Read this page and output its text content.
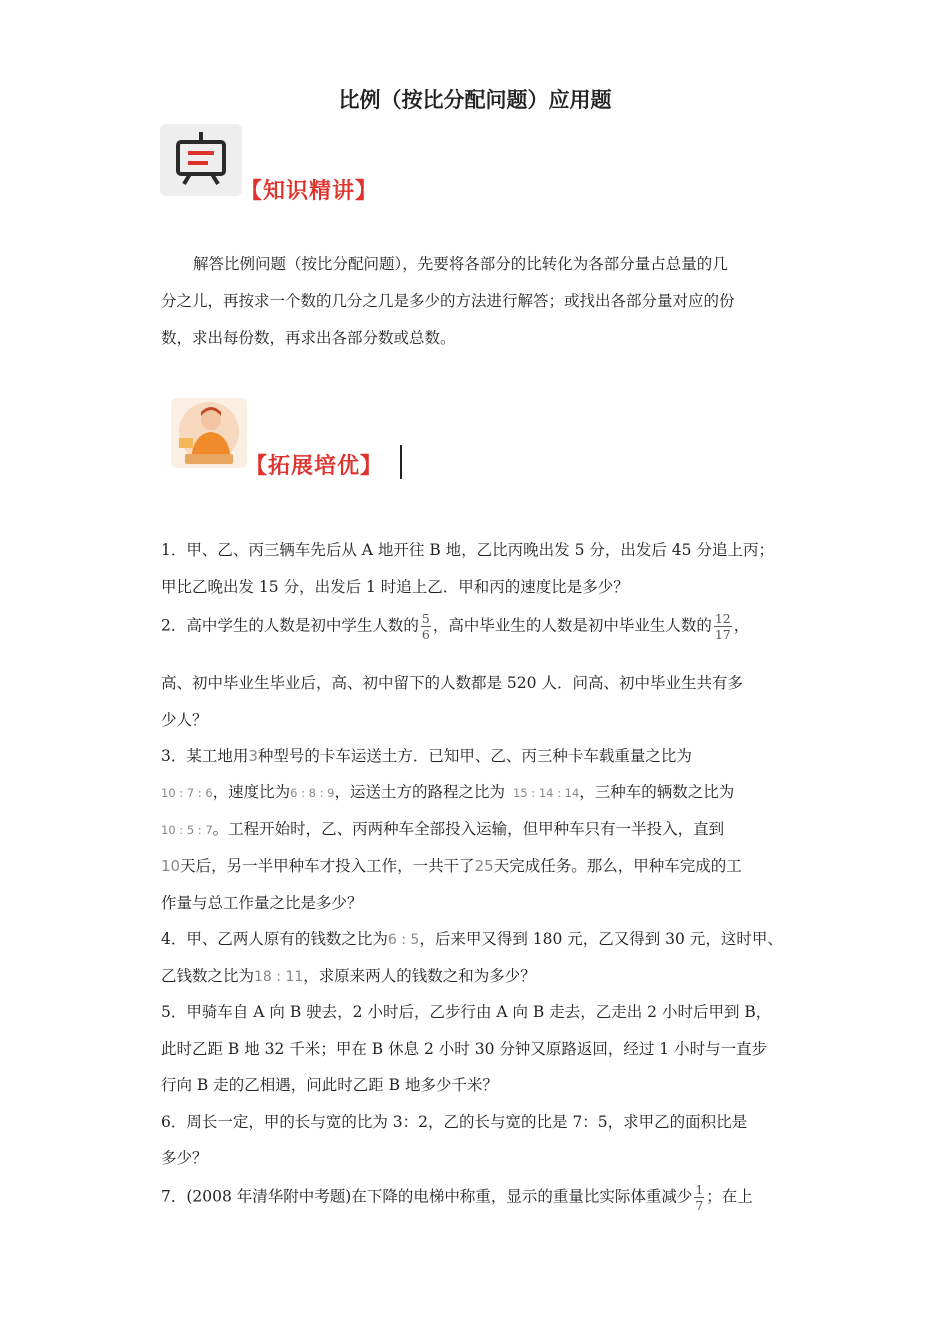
比例（按比分配问题）应用题
【知识精讲】
解答比例问题（按比分配问题），先要将各部分的比转化为各部分量占总量的几
分之儿，再按求一个数的几分之几是多少的方法进行解答；或找出各部分量对应的份
数，求出每份数，再求出各部分数或总数。
【拓展培优】
1．甲、乙、丙三辆车先后从 A 地开往 B 地，乙比丙晚出发 5 分，出发后 45 分追上丙；
甲比乙晚出发 15 分，出发后 1 时追上乙．甲和丙的速度比是多少？
2．高中学生的人数是初中学生人数的 $\frac{5}{6}$ ，高中毕业生的人数是初中毕业生人数的 $\frac{12}{17}$ ，
高、初中毕业生毕业后，高、初中留下的人数都是 520 人．问高、初中毕业生共有多
少人？
3．某工地用3种型号的卡车运送土方．已知甲、乙、丙三种卡车载重量之比为
10 : 7 : 6，速度比为6 : 8 : 9，运送土方的路程之比为 15 : 14 : 14，三种车的辆数之比为
10 : 5 : 7。工程开始时，乙、丙两种车全部投入运输，但甲种车只有一半投入，直到
10天后，另一半甲种车才投入工作，一共干了25天完成任务。那么，甲种车完成的工
作量与总工作量之比是多少？
4．甲、乙两人原有的钱数之比为6 : 5，后来甲又得到 180 元，乙又得到 30 元，这时甲、
乙钱数之比为18 : 11，求原来两人的钱数之和为多少？
5．甲骑车自 A 向 B 驶去，2 小时后，乙步行由 A 向 B 走去，乙走出 2 小时后甲到 B，
此时乙距 B 地 32 千米；甲在 B 休息 2 小时 30 分钟又原路返回，经过 1 小时与一直步
行向 B 走的乙相遇，问此时乙距 B 地多少千米？
6．周长一定，甲的长与宽的比为 3：2，乙的长与宽的比是 7：5，求甲乙的面积比是
多少？
7．(2008 年清华附中考题)在下降的电梯中称重，显示的重量比实际体重减少 $\frac{1}{7}$ ；在上
